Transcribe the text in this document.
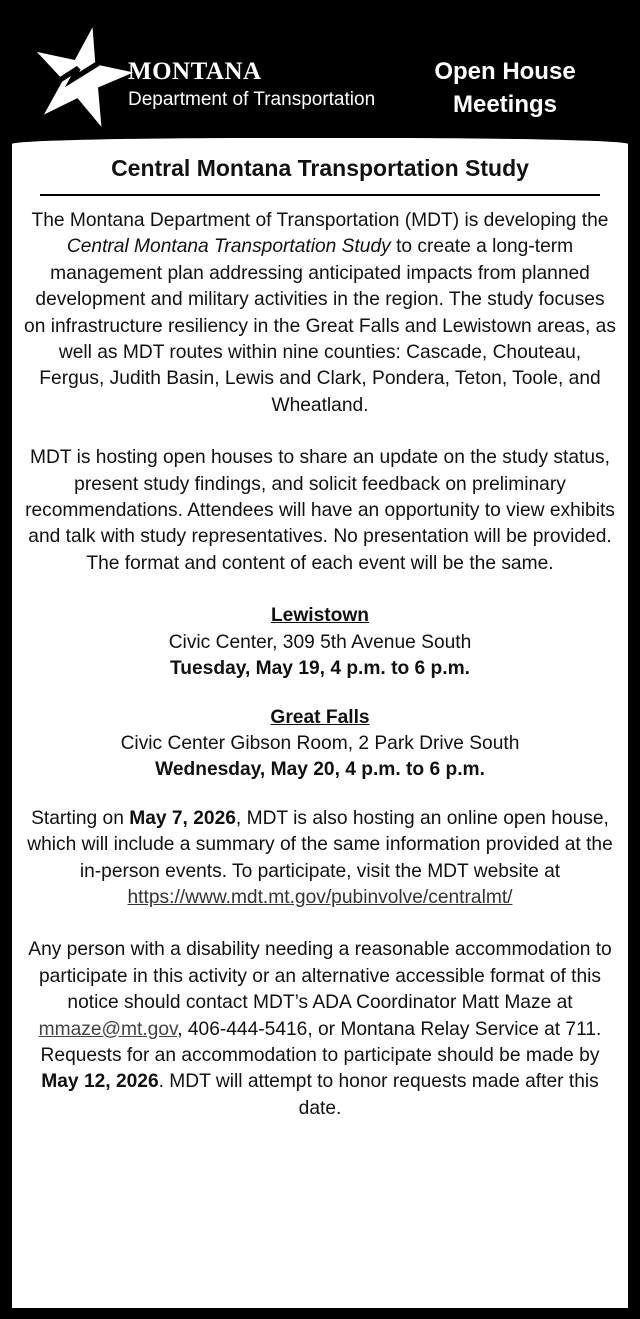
MONTANA
Department of Transportation
Open House
Meetings
Central Montana Transportation Study

The Montana Department of Transportation (MDT) is developing the Central Montana Transportation Study to create a long-term management plan addressing anticipated impacts from planned development and military activities in the region. The study focuses on infrastructure resiliency in the Great Falls and Lewistown areas, as well as MDT routes within nine counties: Cascade, Chouteau, Fergus, Judith Basin, Lewis and Clark, Pondera, Teton, Toole, and Wheatland.

MDT is hosting open houses to share an update on the study status, present study findings, and solicit feedback on preliminary recommendations. Attendees will have an opportunity to view exhibits and talk with study representatives. No presentation will be provided. The format and content of each event will be the same.

Lewistown
Civic Center, 309 5th Avenue South
Tuesday, May 19, 4 p.m. to 6 p.m.
Great Falls
Civic Center Gibson Room, 2 Park Drive South
Wednesday, May 20, 4 p.m. to 6 p.m.

Starting on May 7, 2026, MDT is also hosting an online open house, which will include a summary of the same information provided at the in-person events. To participate, visit the MDT website at
https://www.mdt.mt.gov/pubinvolve/centralmt/

Any person with a disability needing a reasonable accommodation to participate in this activity or an alternative accessible format of this notice should contact MDT’s ADA Coordinator Matt Maze at mmaze@mt.gov, 406-444-5416, or Montana Relay Service at 711. Requests for an accommodation to participate should be made by May 12, 2026. MDT will attempt to honor requests made after this date.
